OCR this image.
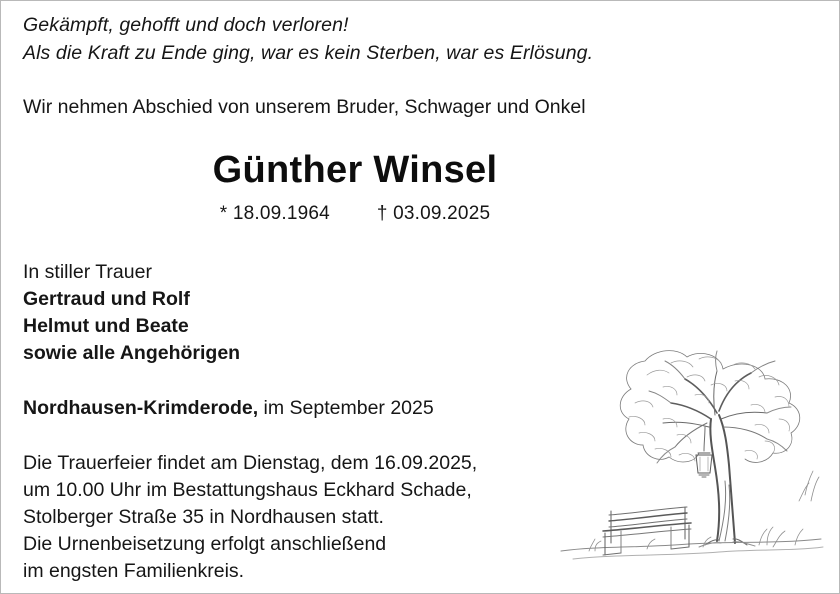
Gekämpft, gehofft und doch verloren!
Als die Kraft zu Ende ging, war es kein Sterben, war es Erlösung.
Wir nehmen Abschied von unserem Bruder, Schwager und Onkel
Günther Winsel
* 18.09.1964 † 03.09.2025
In stiller Trauer
Gertraud und Rolf
Helmut und Beate
sowie alle Angehörigen
Nordhausen-Krimderode, im September 2025
Die Trauerfeier findet am Dienstag, dem 16.09.2025,
um 10.00 Uhr im Bestattungshaus Eckhard Schade,
Stolberger Straße 35 in Nordhausen statt.
Die Urnenbeisetzung erfolgt anschließend
im engsten Familienkreis.
